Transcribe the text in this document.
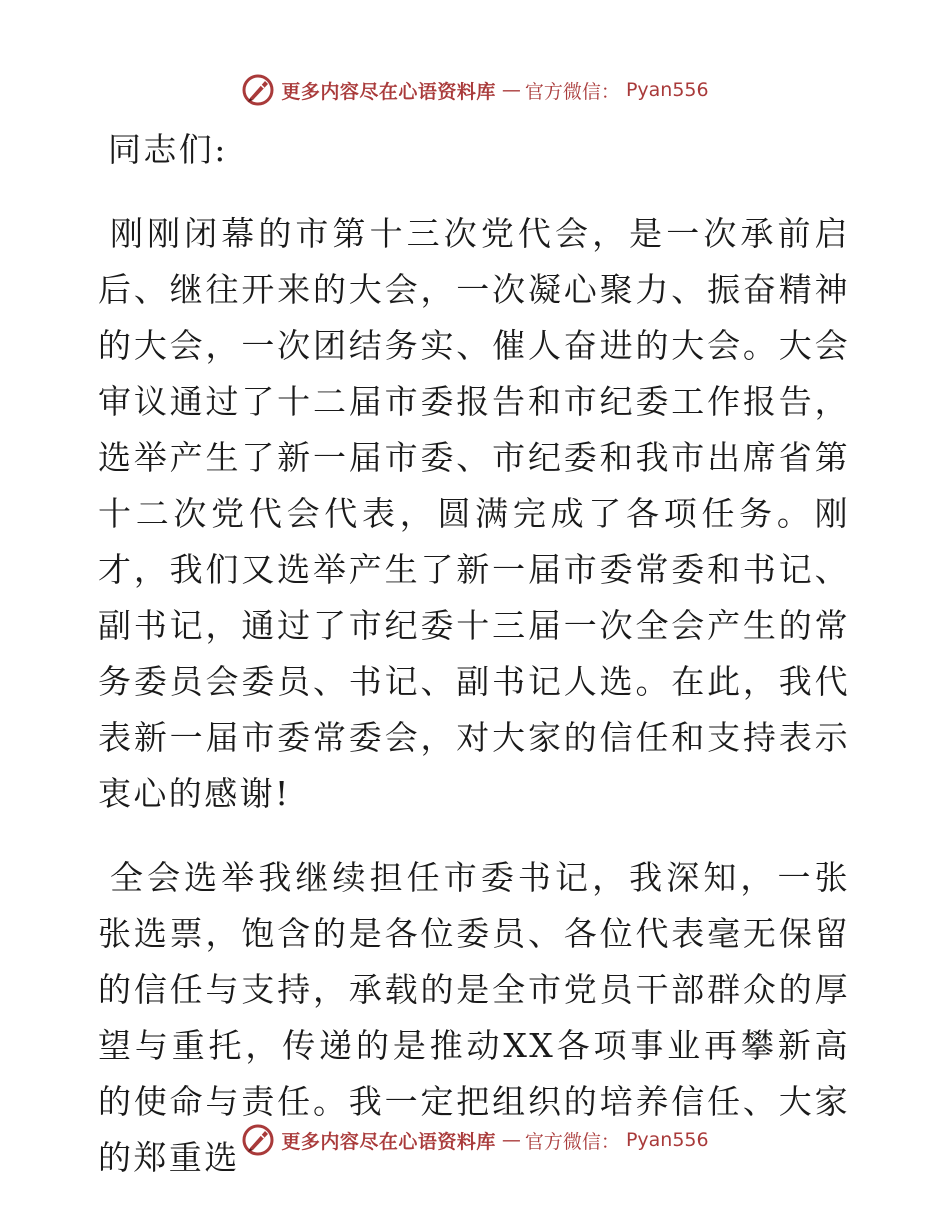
更多内容尽在心语资料库 — 官方微信： Pyan556
同志们:

刚刚闭幕的市第十三次党代会，是一次承前启后、继往开来的大会，一次凝心聚力、振奋精神的大会，一次团结务实、催人奋进的大会。大会审议通过了十二届市委报告和市纪委工作报告，选举产生了新一届市委、市纪委和我市出席省第十二次党代会代表，圆满完成了各项任务。刚才，我们又选举产生了新一届市委常委和书记、副书记，通过了市纪委十三届一次全会产生的常务委员会委员、书记、副书记人选。在此，我代表新一届市委常委会，对大家的信任和支持表示衷心的感谢!

全会选举我继续担任市委书记，我深知，一张张选票，饱含的是各位委员、各位代表毫无保留的信任与支持，承载的是全市党员干部群众的厚望与重托，传递的是推动XX各项事业再攀新高的使命与责任。我一定把组织的培养信任、大家的郑重选	更多内容尽在心语资料库 — 官方微信： Pyan556
